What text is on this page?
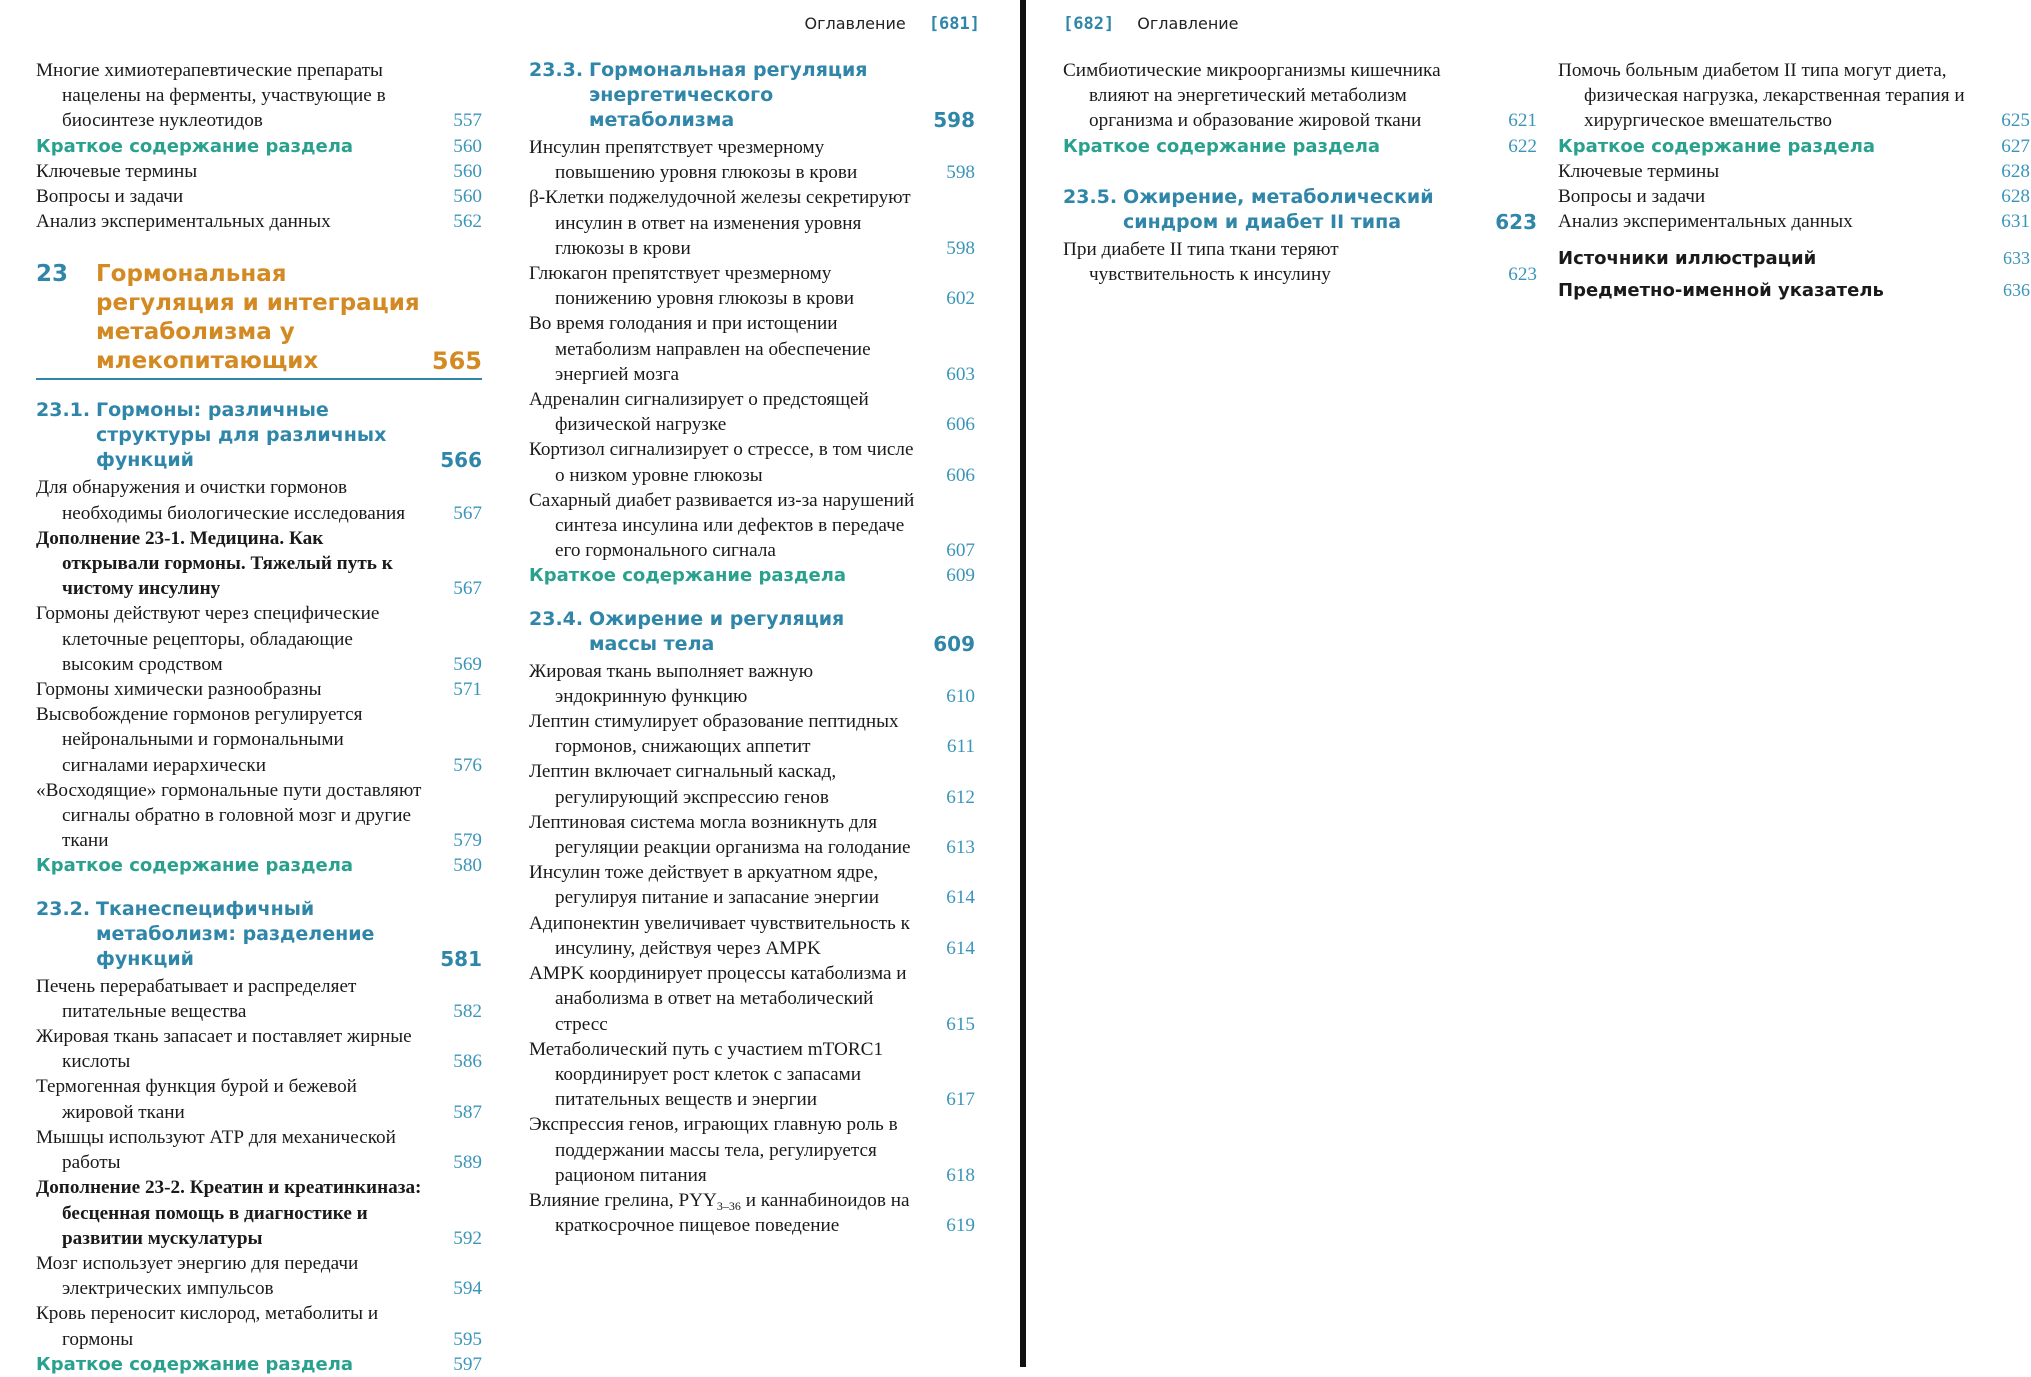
Оглавление [681]
Многие химиотерапевтические препараты нацелены на ферменты, участвующие в биосинтезе нуклеотидов	557
Краткое содержание раздела	560
Ключевые термины	560
Вопросы и задачи	560
Анализ экспериментальных данных	562
23	Гормональная регуляция и интеграция метаболизма у млекопитающих	565
23.1. Гормоны: различные структуры для различных функций	566
Для обнаружения и очистки гормонов необходимы биологические исследования	567
Дополнение 23-1. Медицина. Как открывали гормоны. Тяжелый путь к чистому инсулину	567
Гормоны действуют через специфические клеточные рецепторы, обладающие высоким сродством	569
Гормоны химически разнообразны	571
Высвобождение гормонов регулируется нейрональными и гормональными сигналами иерархически	576
«Восходящие» гормональные пути доставляют сигналы обратно в головной мозг и другие ткани	579
Краткое содержание раздела	580
23.2. Тканеспецифичный метаболизм: разделение функций	581
Печень перерабатывает и распределяет питательные вещества	582
Жировая ткань запасает и поставляет жирные кислоты	586
Термогенная функция бурой и бежевой жировой ткани	587
Мышцы используют АТР для механической работы	589
Дополнение 23-2. Креатин и креатинкиназа: бесценная помощь в диагностике и развитии мускулатуры	592
Мозг использует энергию для передачи электрических импульсов	594
Кровь переносит кислород, метаболиты и гормоны	595
Краткое содержание раздела	597
23.3. Гормональная регуляция энергетического метаболизма	598
Инсулин препятствует чрезмерному повышению уровня глюкозы в крови	598
β-Клетки поджелудочной железы секретируют инсулин в ответ на изменения уровня глюкозы в крови	598
Глюкагон препятствует чрезмерному понижению уровня глюкозы в крови	602
Во время голодания и при истощении метаболизм направлен на обеспечение энергией мозга	603
Адреналин сигнализирует о предстоящей физической нагрузке	606
Кортизол сигнализирует о стрессе, в том числе о низком уровне глюкозы	606
Сахарный диабет развивается из-за нарушений синтеза инсулина или дефектов в передаче его гормонального сигнала	607
Краткое содержание раздела	609
23.4. Ожирение и регуляция массы тела	609
Жировая ткань выполняет важную эндокринную функцию	610
Лептин стимулирует образование пептидных гормонов, снижающих аппетит	611
Лептин включает сигнальный каскад, регулирующий экспрессию генов	612
Лептиновая система могла возникнуть для регуляции реакции организма на голодание	613
Инсулин тоже действует в аркуатном ядре, регулируя питание и запасание энергии	614
Адипонектин увеличивает чувствительность к инсулину, действуя через AMPK	614
AMPK координирует процессы катаболизма и анаболизма в ответ на метаболический стресс	615
Метаболический путь с участием mTORC1 координирует рост клеток с запасами питательных веществ и энергии	617
Экспрессия генов, играющих главную роль в поддержании массы тела, регулируется рационом питания	618
Влияние грелина, $PYY_{3-36}$ и каннабиноидов на краткосрочное пищевое поведение	619
[682] Оглавление
Симбиотические микроорганизмы кишечника влияют на энергетический метаболизм организма и образование жировой ткани	621
Краткое содержание раздела	622
23.5. Ожирение, метаболический синдром и диабет II типа	623
При диабете II типа ткани теряют чувствительность к инсулину	623
Помочь больным диабетом II типа могут диета, физическая нагрузка, лекарственная терапия и хирургическое вмешательство	625
Краткое содержание раздела	627
Ключевые термины	628
Вопросы и задачи	628
Анализ экспериментальных данных	631
Источники иллюстраций	633
Предметно-именной указатель	636
